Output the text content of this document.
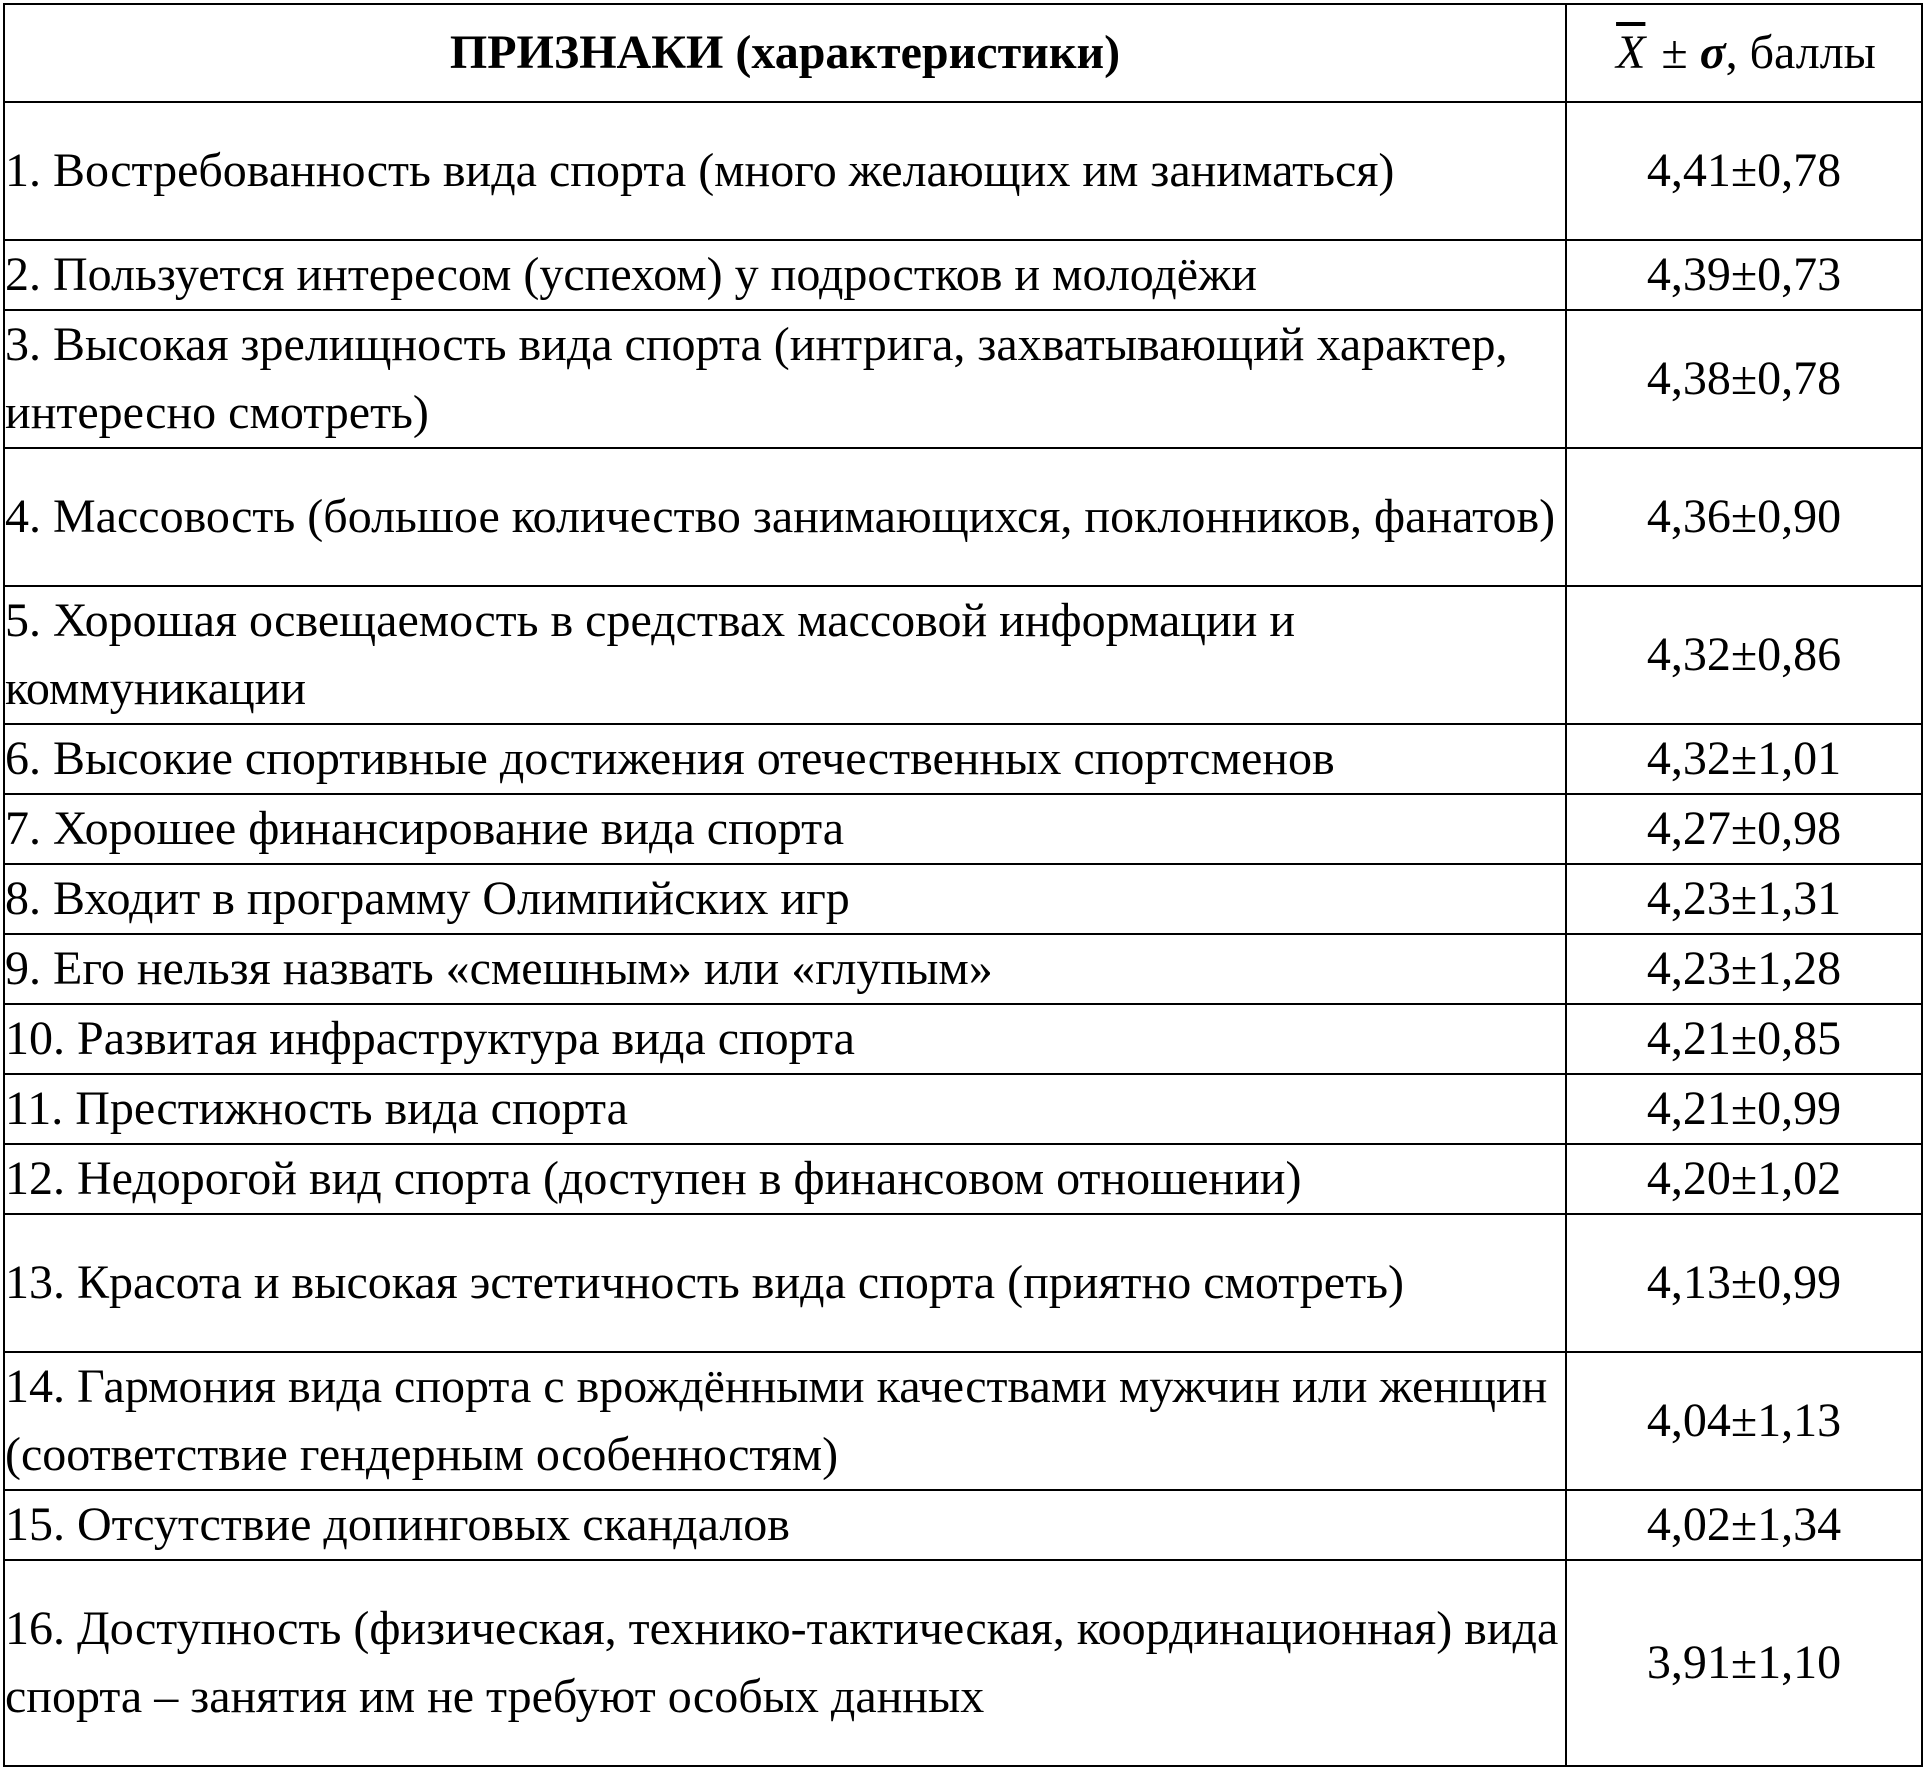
ПРИЗНАКИ (характеристики)	$\overline{X} \pm \sigma$, баллы
1. Востребованность вида спорта (много желающих им заниматься)	4,41±0,78
2. Пользуется интересом (успехом) у подростков и молодёжи	4,39±0,73
3. Высокая зрелищность вида спорта (интрига, захватывающий характер, интересно смотреть)	4,38±0,78
4. Массовость (большое количество занимающихся, поклонников, фанатов)	4,36±0,90
5. Хорошая освещаемость в средствах массовой информации и коммуникации	4,32±0,86
6. Высокие спортивные достижения отечественных спортсменов	4,32±1,01
7. Хорошее финансирование вида спорта	4,27±0,98
8. Входит в программу Олимпийских игр	4,23±1,31
9. Его нельзя назвать «смешным» или «глупым»	4,23±1,28
10. Развитая инфраструктура вида спорта	4,21±0,85
11. Престижность вида спорта	4,21±0,99
12. Недорогой вид спорта (доступен в финансовом отношении)	4,20±1,02
13. Красота и высокая эстетичность вида спорта (приятно смотреть)	4,13±0,99
14. Гармония вида спорта с врождёнными качествами мужчин или женщин (соответствие гендерным особенностям)	4,04±1,13
15. Отсутствие допинговых скандалов	4,02±1,34
16. Доступность (физическая, технико-тактическая, координационная) вида спорта – занятия им не требуют особых данных	3,91±1,10
